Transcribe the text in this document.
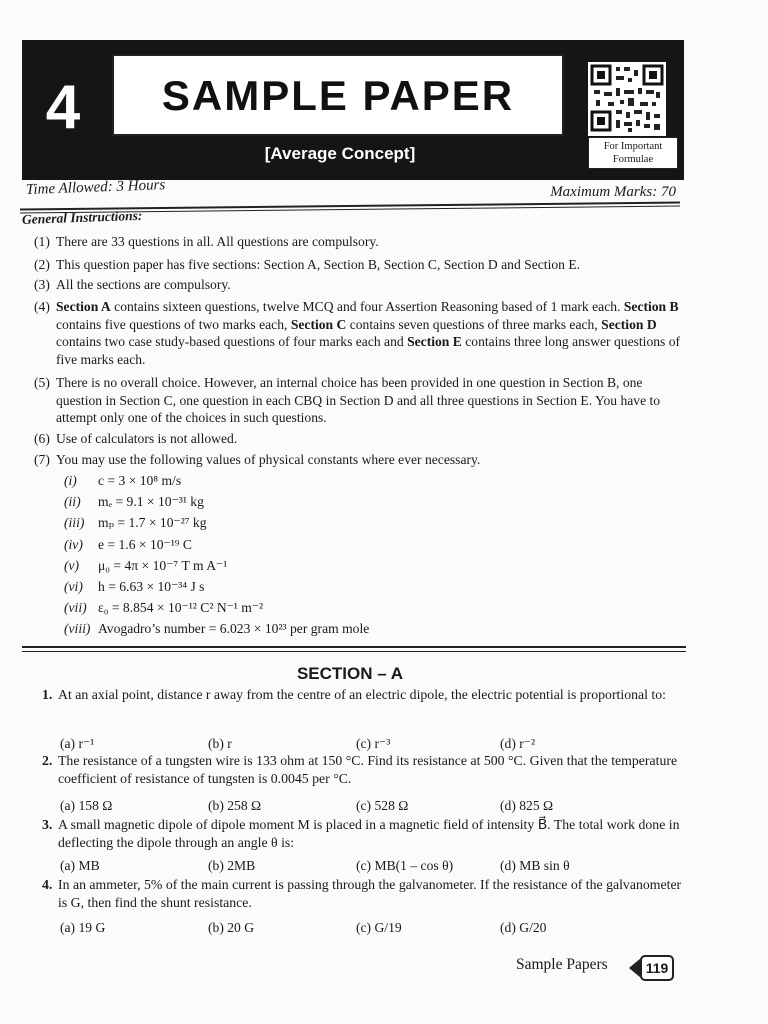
4	SAMPLE PAPER
[Average Concept]	For Important
Formulae
Time Allowed: 3 Hours	Maximum Marks: 70
General Instructions:
(1) There are 33 questions in all. All questions are compulsory.
(2) This question paper has five sections: Section A, Section B, Section C, Section D and Section E.
(3) All the sections are compulsory.
(4) Section A contains sixteen questions, twelve MCQ and four Assertion Reasoning based of 1 mark each. Section B contains five questions of two marks each, Section C contains seven questions of three marks each, Section D contains two case study-based questions of four marks each and Section E contains three long answer questions of five marks each.
(5) There is no overall choice. However, an internal choice has been provided in one question in Section B, one question in Section C, one question in each CBQ in Section D and all three questions in Section E. You have to attempt only one of the choices in such questions.
(6) Use of calculators is not allowed.
(7) You may use the following values of physical constants where ever necessary.
(i) c = 3 × 10⁸ m/s
(ii) mₑ = 9.1 × 10⁻³¹ kg
(iii) mₚ = 1.7 × 10⁻²⁷ kg
(iv) e = 1.6 × 10⁻¹⁹ C
(v) μ₀ = 4π × 10⁻⁷ T m A⁻¹
(vi) h = 6.63 × 10⁻³⁴ J s
(vii) ε₀ = 8.854 × 10⁻¹² C² N⁻¹ m⁻²
(viii) Avogadro’s number = 6.023 × 10²³ per gram mole
SECTION – A
1. At an axial point, distance r away from the centre of an electric dipole, the electric potential is proportional to:
(a) r⁻¹	(b) r	(c) r⁻³	(d) r⁻²
2. The resistance of a tungsten wire is 133 ohm at 150 °C. Find its resistance at 500 °C. Given that the temperature coefficient of resistance of tungsten is 0.0045 per °C.
(a) 158 Ω	(b) 258 Ω	(c) 528 Ω	(d) 825 Ω
3. A small magnetic dipole of dipole moment M is placed in a magnetic field of intensity B⃗. The total work done in deflecting the dipole through an angle θ is:
(a) MB	(b) 2MB	(c) MB(1 – cos θ)	(d) MB sin θ
4. In an ammeter, 5% of the main current is passing through the galvanometer. If the resistance of the galvanometer is G, then find the shunt resistance.
(a) 19 G	(b) 20 G	(c) G/19	(d) G/20
Sample Papers	119
